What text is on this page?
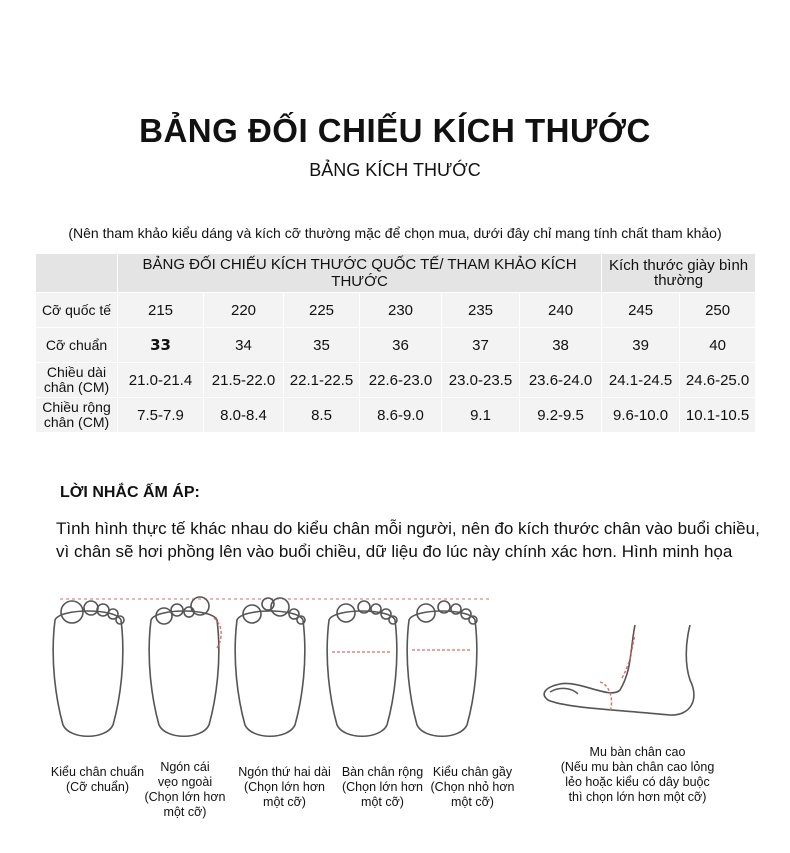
BẢNG ĐỐI CHIẾU KÍCH THƯỚC
BẢNG KÍCH THƯỚC
(Nên tham khảo kiểu dáng và kích cỡ thường mặc để chọn mua, dưới đây chỉ mang tính chất tham khảo)
	BẢNG ĐỐI CHIẾU KÍCH THƯỚC QUỐC TẾ/ THAM KHẢO KÍCH THƯỚC						Kích thước giày bình thường	
Cỡ quốc tế	215	220	225	230	235	240	245	250
Cỡ chuẩn	33	34	35	36	37	38	39	40
Chiều dài chân (CM)	21.0-21.4	21.5-22.0	22.1-22.5	22.6-23.0	23.0-23.5	23.6-24.0	24.1-24.5	24.6-25.0
Chiều rộng chân (CM)	7.5-7.9	8.0-8.4	8.5	8.6-9.0	9.1	9.2-9.5	9.6-10.0	10.1-10.5
LỜI NHẮC ẤM ÁP:
Tình hình thực tế khác nhau do kiểu chân mỗi người, nên đo kích thước chân vào buổi chiều,
vì chân sẽ hơi phồng lên vào buổi chiều, dữ liệu đo lúc này chính xác hơn. Hình minh họa
Kiểu chân chuẩn
(Cỡ chuẩn)
Ngón cái
vẹo ngoài
(Chọn lớn hơn
một cỡ)
Ngón thứ hai dài
(Chọn lớn hơn
một cỡ)
Bàn chân rộng
(Chọn lớn hơn
một cỡ)
Kiểu chân gầy
(Chọn nhỏ hơn
một cỡ)
Mu bàn chân cao
(Nếu mu bàn chân cao lỏng
lẻo hoặc kiểu có dây buộc
thì chọn lớn hơn một cỡ)
